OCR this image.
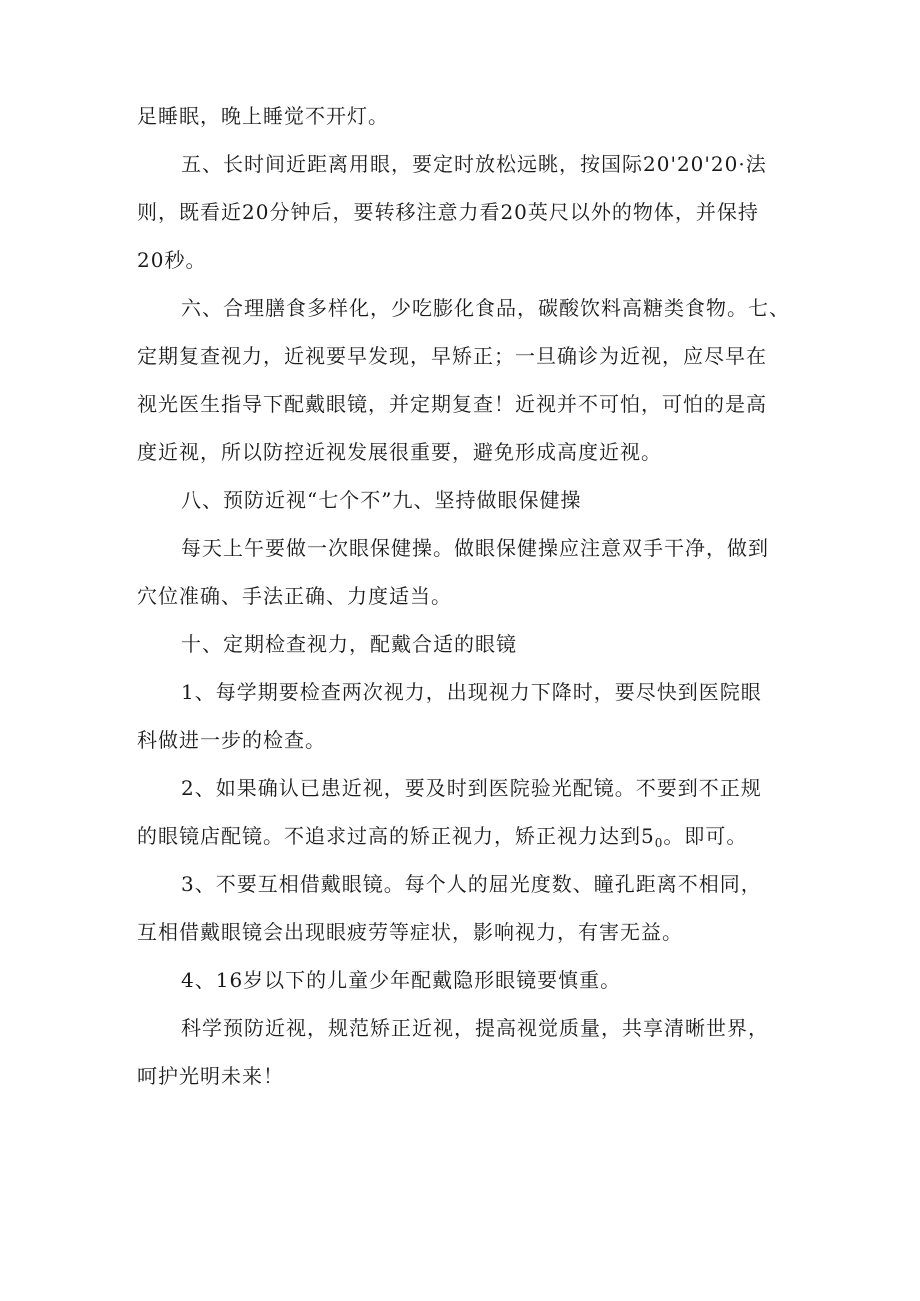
足睡眠，晚上睡觉不开灯。
五、长时间近距离用眼，要定时放松远眺，按国际20'20'20·法
则，既看近20分钟后，要转移注意力看20英尺以外的物体，并保持
20秒。
六、合理膳食多样化，少吃膨化食品，碳酸饮料高糖类食物。七、
定期复查视力，近视要早发现，早矫正；一旦确诊为近视，应尽早在
视光医生指导下配戴眼镜，并定期复查！近视并不可怕，可怕的是高
度近视，所以防控近视发展很重要，避免形成高度近视。
八、预防近视“七个不”九、坚持做眼保健操
每天上午要做一次眼保健操。做眼保健操应注意双手干净，做到
穴位准确、手法正确、力度适当。
十、定期检查视力，配戴合适的眼镜
1、每学期要检查两次视力，出现视力下降时，要尽快到医院眼
科做进一步的检查。
2、如果确认已患近视，要及时到医院验光配镜。不要到不正规
的眼镜店配镜。不追求过高的矫正视力，矫正视力达到$5_0$。即可。
3、不要互相借戴眼镜。每个人的屈光度数、瞳孔距离不相同，
互相借戴眼镜会出现眼疲劳等症状，影响视力，有害无益。
4、16岁以下的儿童少年配戴隐形眼镜要慎重。
科学预防近视，规范矫正近视，提高视觉质量，共享清晰世界，
呵护光明未来！
